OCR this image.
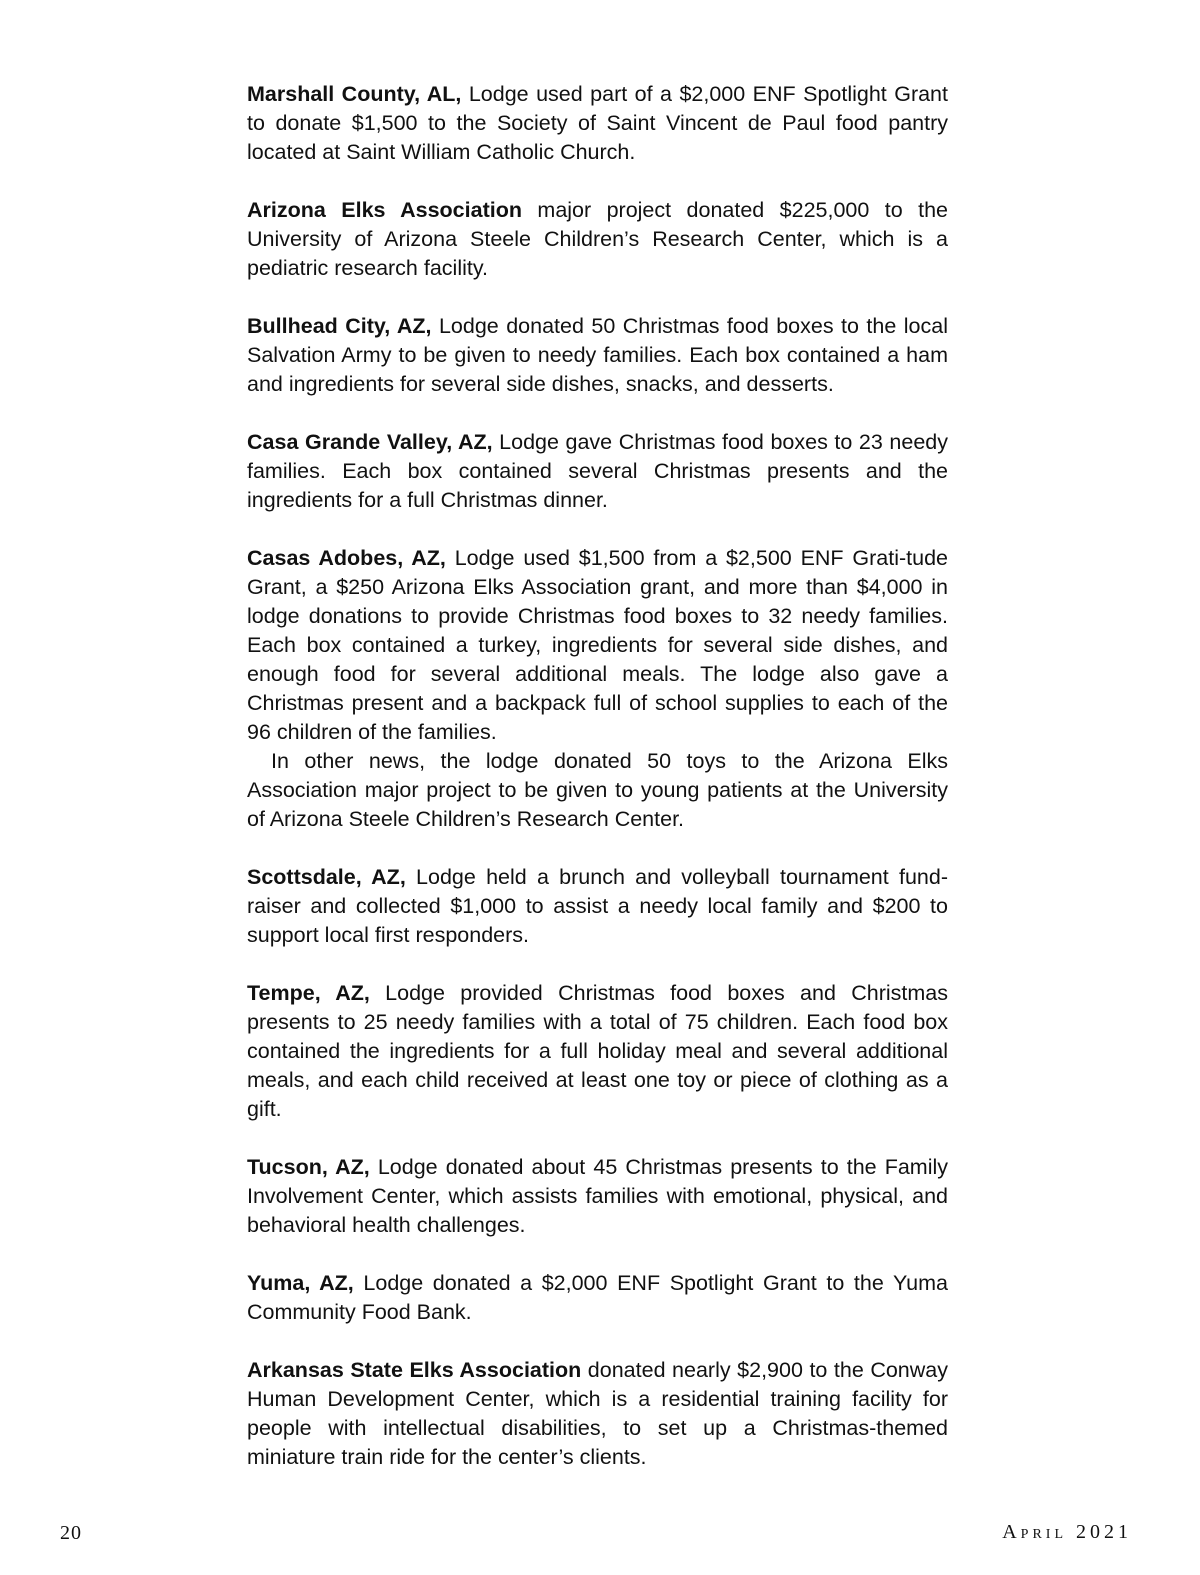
Marshall County, AL, Lodge used part of a $2,000 ENF Spotlight Grant to donate $1,500 to the Society of Saint Vincent de Paul food pantry located at Saint William Catholic Church.

Arizona Elks Association major project donated $225,000 to the University of Arizona Steele Children’s Research Center, which is a pediatric research facility.

Bullhead City, AZ, Lodge donated 50 Christmas food boxes to the local Salvation Army to be given to needy families. Each box contained a ham and ingredients for several side dishes, snacks, and desserts.

Casa Grande Valley, AZ, Lodge gave Christmas food boxes to 23 needy families. Each box contained several Christmas presents and the ingredients for a full Christmas dinner.

Casas Adobes, AZ, Lodge used $1,500 from a $2,500 ENF Grati-tude Grant, a $250 Arizona Elks Association grant, and more than $4,000 in lodge donations to provide Christmas food boxes to 32 needy families. Each box contained a turkey, ingredients for several side dishes, and enough food for several additional meals. The lodge also gave a Christmas present and a backpack full of school supplies to each of the 96 children of the families.

In other news, the lodge donated 50 toys to the Arizona Elks Association major project to be given to young patients at the University of Arizona Steele Children’s Research Center.

Scottsdale, AZ, Lodge held a brunch and volleyball tournament fund-raiser and collected $1,000 to assist a needy local family and $200 to support local first responders.

Tempe, AZ, Lodge provided Christmas food boxes and Christmas presents to 25 needy families with a total of 75 children. Each food box contained the ingredients for a full holiday meal and several additional meals, and each child received at least one toy or piece of clothing as a gift.

Tucson, AZ, Lodge donated about 45 Christmas presents to the Family Involvement Center, which assists families with emotional, physical, and behavioral health challenges.

Yuma, AZ, Lodge donated a $2,000 ENF Spotlight Grant to the Yuma Community Food Bank.

Arkansas State Elks Association donated nearly $2,900 to the Conway Human Development Center, which is a residential training facility for people with intellectual disabilities, to set up a Christmas-themed miniature train ride for the center’s clients.

20	April 2021
